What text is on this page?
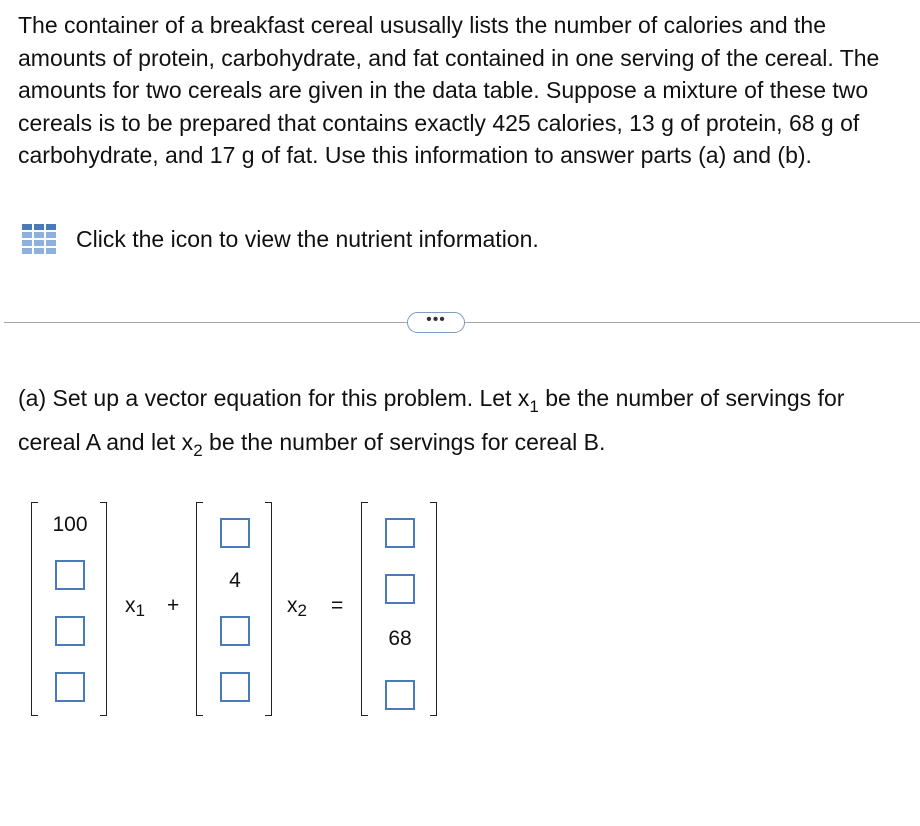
The container of a breakfast cereal ususally lists the number of calories and the amounts of protein, carbohydrate, and fat contained in one serving of the cereal. The amounts for two cereals are given in the data table. Suppose a mixture of these two cereals is to be prepared that contains exactly 425 calories, 13 g of protein, 68 g of carbohydrate, and 17 g of fat. Use this information to answer parts (a) and (b).

Click the icon to view the nutrient information.
•••

(a) Set up a vector equation for this problem. Let $x_1$ be the number of servings for cereal A and let $x_2$ be the number of servings for cereal B.

100
$x_1$ +
4
$x_2$ =
68
